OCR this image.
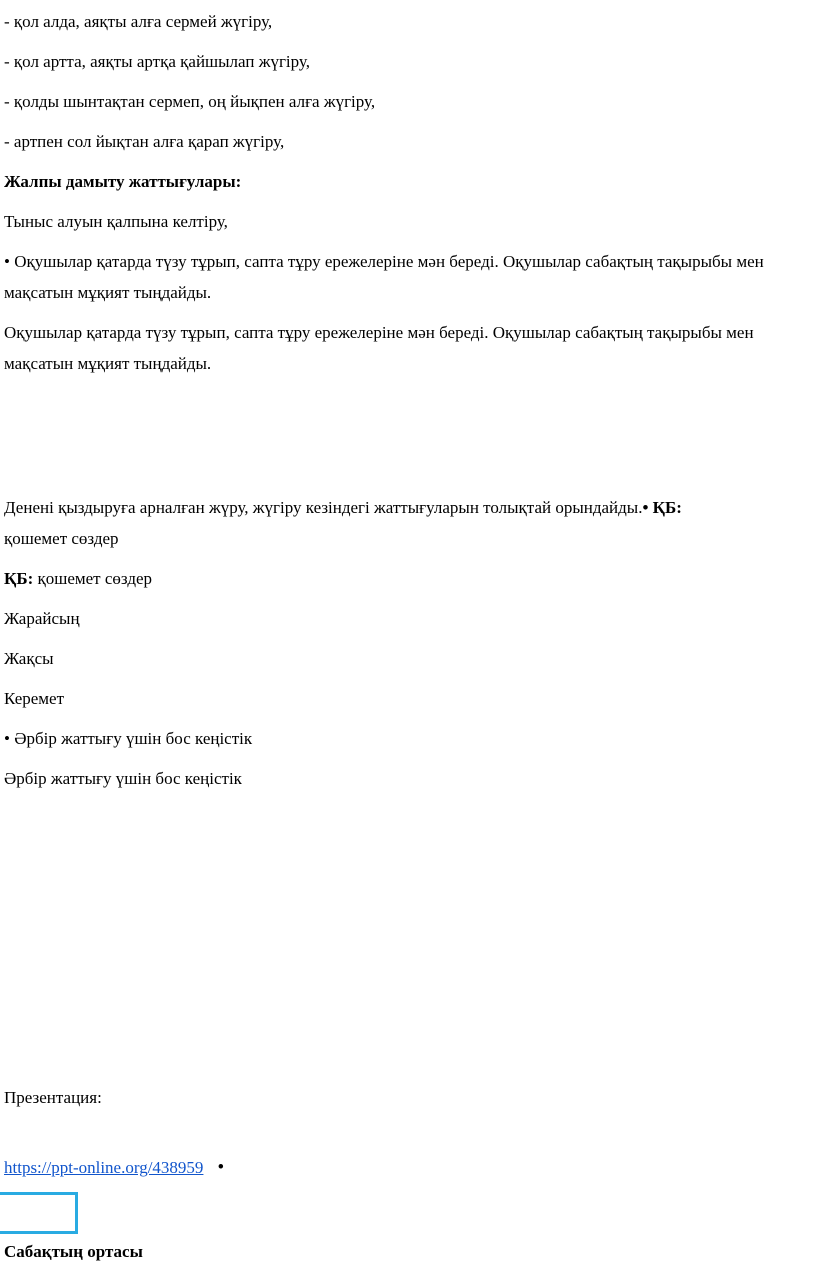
- қол алда, аяқты алға сермей жүгіру,

- қол артта, аяқты артқа қайшылап жүгіру,

- қолды шынтақтан сермеп, оң йықпен алға жүгіру,

- артпен сол йықтан алға қарап жүгіру,

Жалпы дамыту жаттығулары:

Тыныс алуын қалпына келтіру,

• Оқушылар қатарда түзу тұрып, сапта тұру ережелеріне мән береді. Оқушылар сабақтың тақырыбы мен мақсатын мұқият тыңдайды.

Оқушылар қатарда түзу тұрып, сапта тұру ережелеріне мән береді. Оқушылар сабақтың тақырыбы мен мақсатын мұқият тыңдайды.

Денені қыздыруға арналған жүру, жүгіру кезіндегі жаттығуларын толықтай орындайды.• ҚБ: қошемет сөздер

ҚБ: қошемет сөздер

Жарайсың

Жақсы

Керемет

• Әрбір жаттығу үшін бос кеңістік

Әрбір жаттығу үшін бос кеңістік

Презентация:

https://ppt-online.org/438959 •

Сабақтың ортасы
